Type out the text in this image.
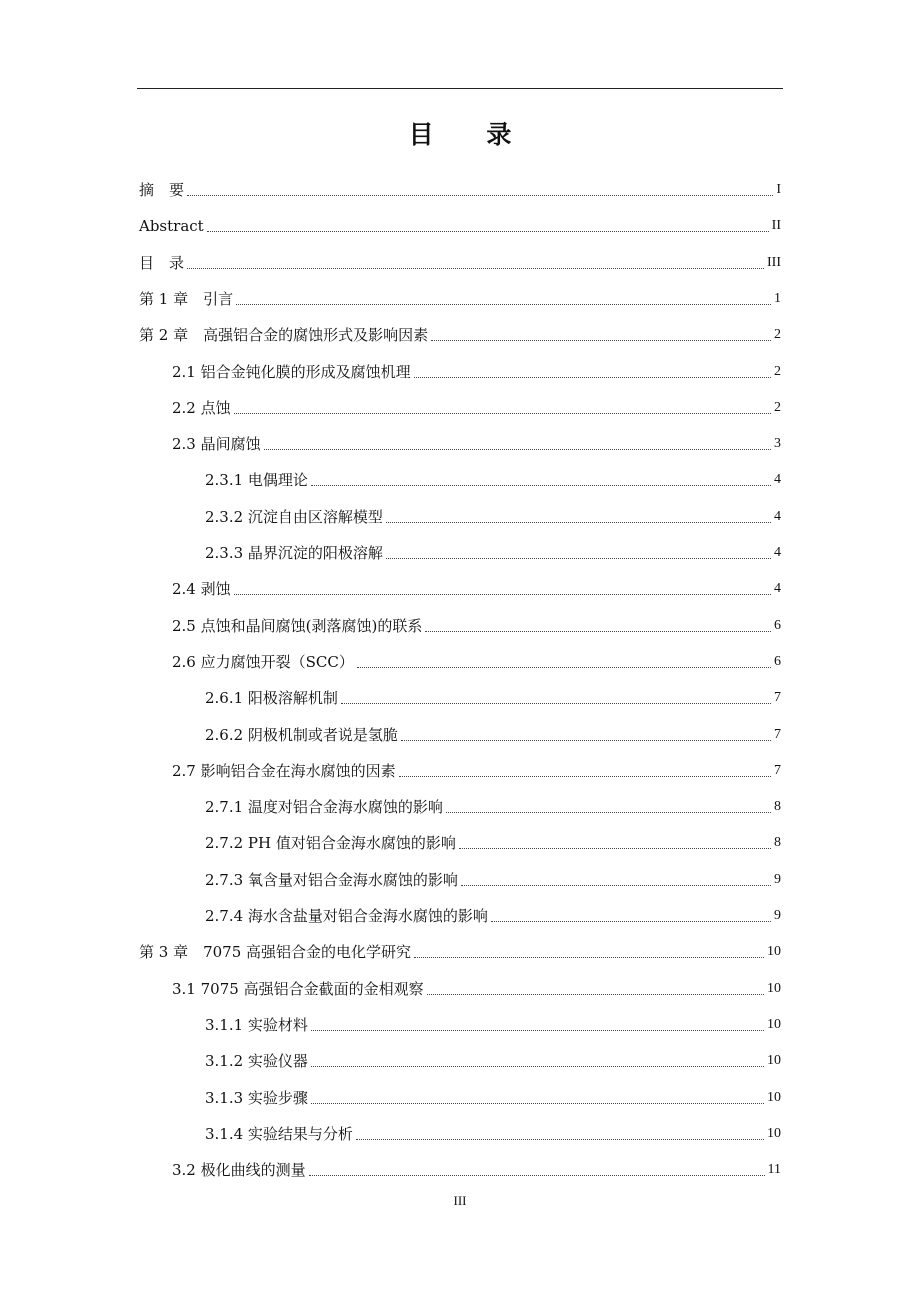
目 录
摘　要	I
Abstract	II
目　录	III
第 1 章　引言	1
第 2 章　高强铝合金的腐蚀形式及影响因素	2
2.1 铝合金钝化膜的形成及腐蚀机理	2
2.2 点蚀	2
2.3 晶间腐蚀	3
2.3.1 电偶理论	4
2.3.2 沉淀自由区溶解模型	4
2.3.3 晶界沉淀的阳极溶解	4
2.4 剥蚀	4
2.5 点蚀和晶间腐蚀(剥落腐蚀)的联系	6
2.6 应力腐蚀开裂（SCC）	6
2.6.1 阳极溶解机制	7
2.6.2 阴极机制或者说是氢脆	7
2.7 影响铝合金在海水腐蚀的因素	7
2.7.1 温度对铝合金海水腐蚀的影响	8
2.7.2 PH 值对铝合金海水腐蚀的影响	8
2.7.3 氧含量对铝合金海水腐蚀的影响	9
2.7.4 海水含盐量对铝合金海水腐蚀的影响	9
第 3 章　7075 高强铝合金的电化学研究	10
3.1 7075 高强铝合金截面的金相观察	10
3.1.1 实验材料	10
3.1.2 实验仪器	10
3.1.3 实验步骤	10
3.1.4 实验结果与分析	10
3.2 极化曲线的测量	11
III
